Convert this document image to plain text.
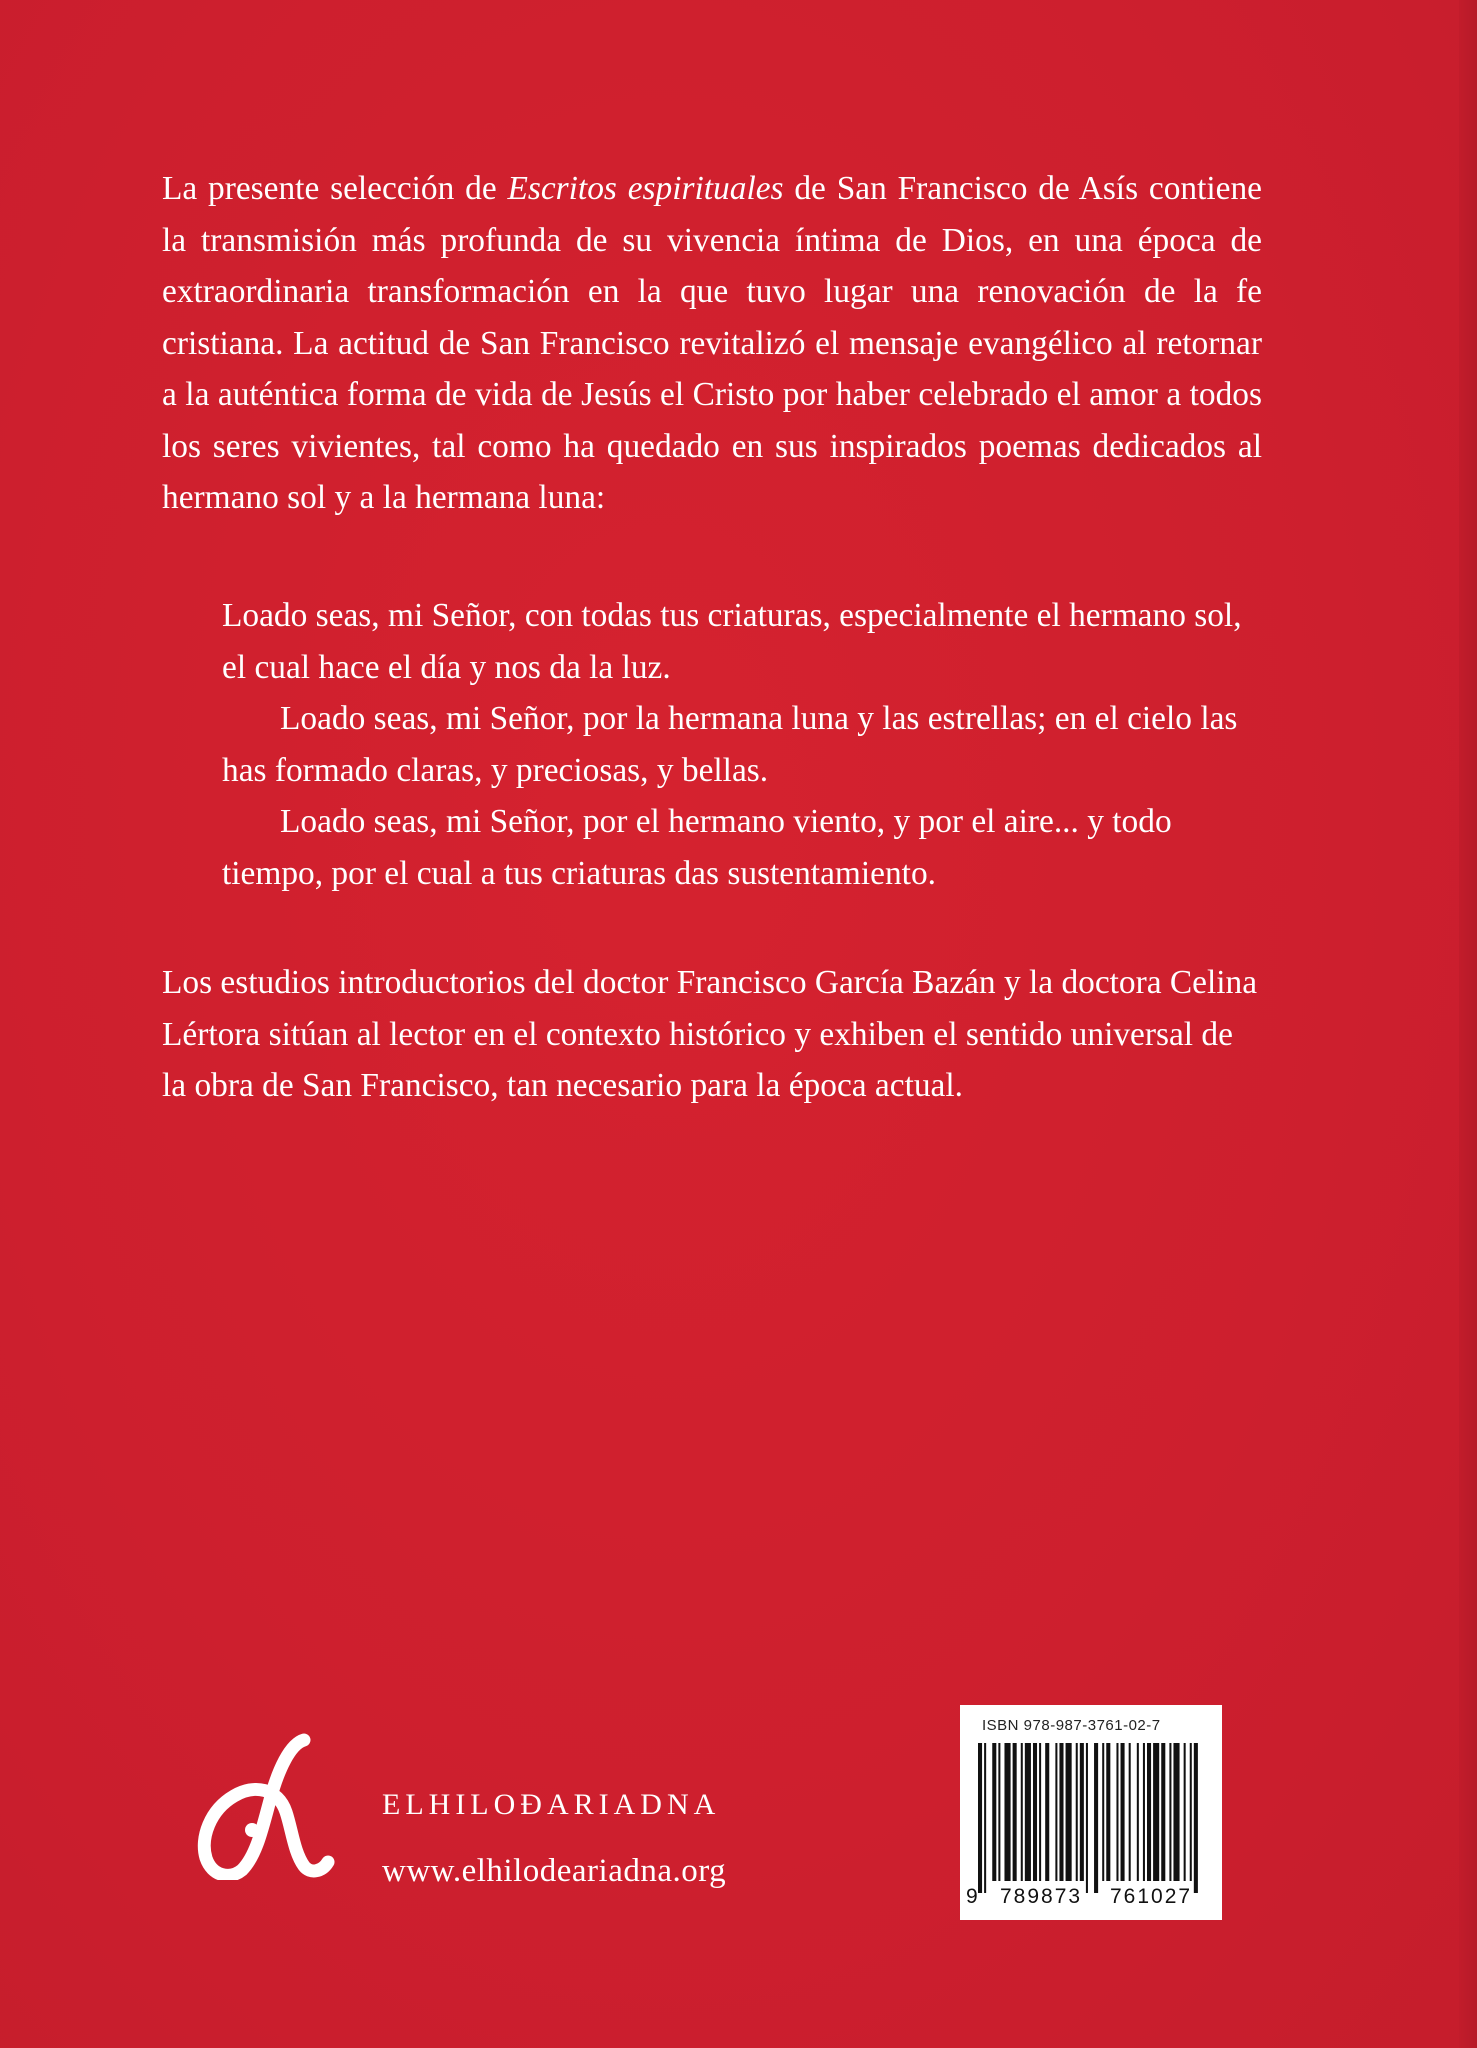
La presente selección de Escritos espirituales de San Francisco de Asís contiene la transmisión más profunda de su vivencia íntima de Dios, en una época de extraordinaria transformación en la que tuvo lugar una renovación de la fe cristiana. La actitud de San Francisco revitalizó el mensaje evangélico al retornar a la auténtica forma de vida de Jesús el Cristo por haber celebrado el amor a todos los seres vivientes, tal como ha quedado en sus inspirados poemas dedicados al hermano sol y a la hermana luna:

Loado seas, mi Señor, con todas tus criaturas, especialmente el hermano sol, el cual hace el día y nos da la luz.

Loado seas, mi Señor, por la hermana luna y las estrellas; en el cielo las has formado claras, y preciosas, y bellas.

Loado seas, mi Señor, por el hermano viento, y por el aire... y todo tiempo, por el cual a tus criaturas das sustentamiento.

Los estudios introductorios del doctor Francisco García Bazán y la doctora Celina Lértora sitúan al lector en el contexto histórico y exhiben el sentido universal de la obra de San Francisco, tan necesario para la época actual.

ELHILOĐARIADNA
www.elhilodeariadna.org
ISBN 978-987-3761-02-7
9 789873 761027
